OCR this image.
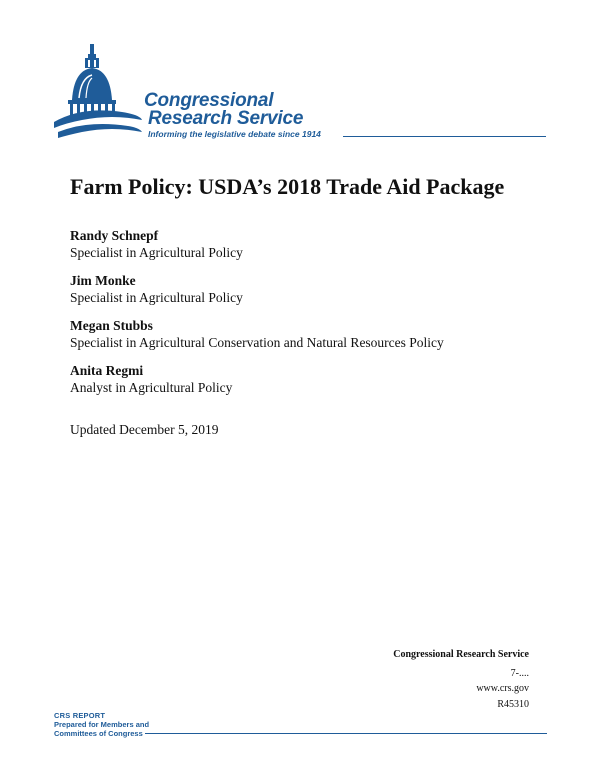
Congressional
Research Service
Informing the legislative debate since 1914
Farm Policy: USDA’s 2018 Trade Aid Package
Randy Schnepf
Specialist in Agricultural Policy
Jim Monke
Specialist in Agricultural Policy
Megan Stubbs
Specialist in Agricultural Conservation and Natural Resources Policy
Anita Regmi
Analyst in Agricultural Policy
Updated December 5, 2019
Congressional Research Service
7-....
www.crs.gov
R45310
CRS REPORT
Prepared for Members and
Committees of Congress
